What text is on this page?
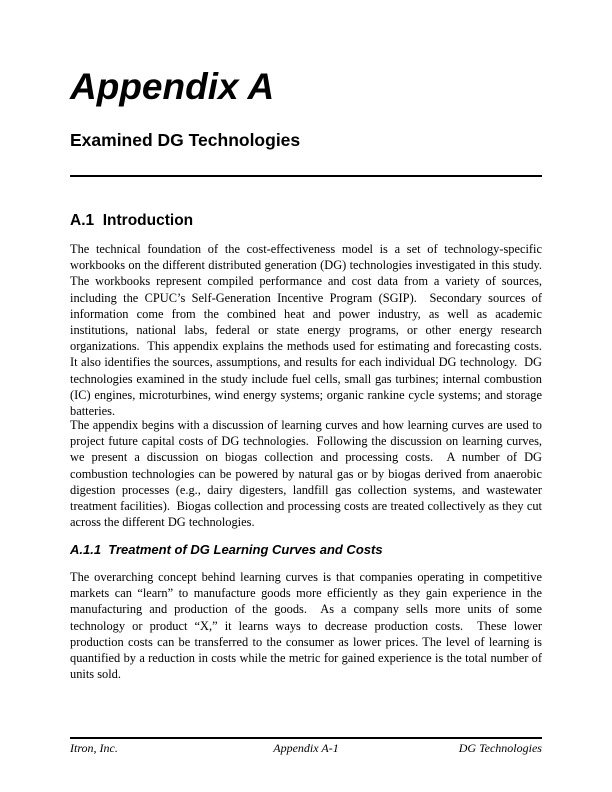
Appendix A
Examined DG Technologies
A.1  Introduction
The technical foundation of the cost-effectiveness model is a set of technology-specific workbooks on the different distributed generation (DG) technologies investigated in this study.  The workbooks represent compiled performance and cost data from a variety of sources, including the CPUC’s Self-Generation Incentive Program (SGIP).  Secondary sources of information come from the combined heat and power industry, as well as academic institutions, national labs, federal or state energy programs, or other energy research organizations.  This appendix explains the methods used for estimating and forecasting costs.  It also identifies the sources, assumptions, and results for each individual DG technology.  DG technologies examined in the study include fuel cells, small gas turbines; internal combustion (IC) engines, microturbines, wind energy systems; organic rankine cycle systems; and storage batteries.
The appendix begins with a discussion of learning curves and how learning curves are used to project future capital costs of DG technologies.  Following the discussion on learning curves, we present a discussion on biogas collection and processing costs.  A number of DG combustion technologies can be powered by natural gas or by biogas derived from anaerobic digestion processes (e.g., dairy digesters, landfill gas collection systems, and wastewater treatment facilities).  Biogas collection and processing costs are treated collectively as they cut across the different DG technologies.
A.1.1  Treatment of DG Learning Curves and Costs
The overarching concept behind learning curves is that companies operating in competitive markets can “learn” to manufacture goods more efficiently as they gain experience in the manufacturing and production of the goods.  As a company sells more units of some technology or product “X,” it learns ways to decrease production costs.  These lower production costs can be transferred to the consumer as lower prices. The level of learning is quantified by a reduction in costs while the metric for gained experience is the total number of units sold.
Itron, Inc.	Appendix A-1	DG Technologies
